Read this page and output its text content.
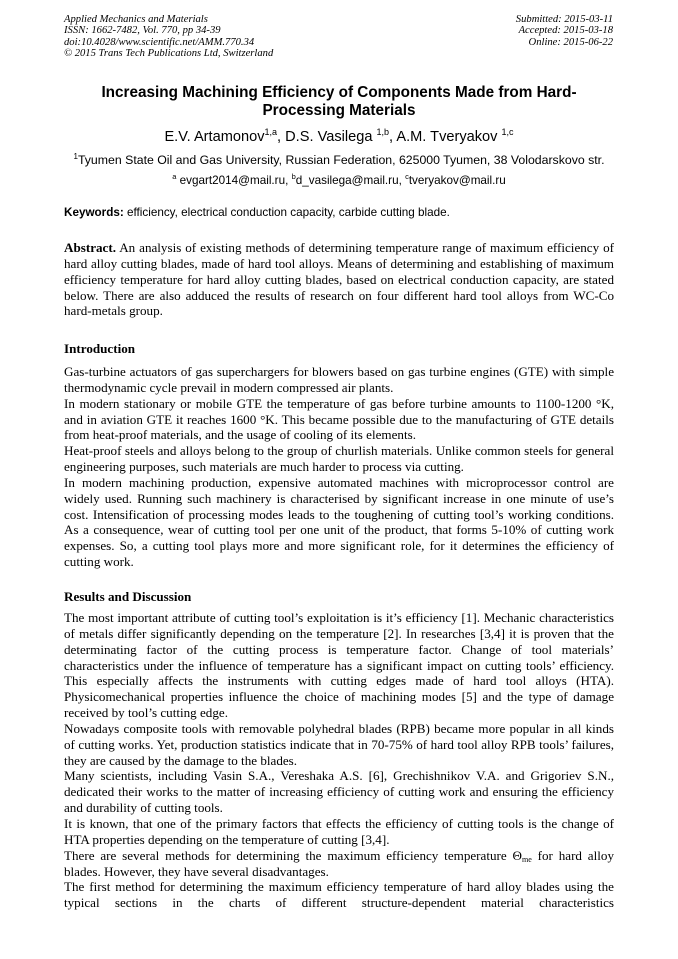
Applied Mechanics and Materials
ISSN: 1662-7482, Vol. 770, pp 34-39
doi:10.4028/www.scientific.net/AMM.770.34
© 2015 Trans Tech Publications Ltd, Switzerland
Submitted: 2015-03-11
Accepted: 2015-03-18
Online: 2015-06-22
Increasing Machining Efficiency of Components Made from Hard-
Processing Materials
E.V. Artamonov$^{1,a}$, D.S. Vasilega $^{1,b}$, A.M. Tveryakov $^{1,c}$
$^1$Tyumen State Oil and Gas University, Russian Federation, 625000 Tyumen, 38 Volodarskovo str.
$^a$ evgart2014@mail.ru, $^b$d_vasilega@mail.ru, $^c$tveryakov@mail.ru
Keywords: efficiency, electrical conduction capacity, carbide cutting blade.

Abstract. An analysis of existing methods of determining temperature range of maximum efficiency of hard alloy cutting blades, made of hard tool alloys. Means of determining and establishing of maximum efficiency temperature for hard alloy cutting blades, based on electrical conduction capacity, are stated below. There are also adduced the results of research on four different hard tool alloys from WC-Co hard-metals group.

Introduction

Gas-turbine actuators of gas superchargers for blowers based on gas turbine engines (GTE) with simple thermodynamic cycle prevail in modern compressed air plants.

In modern stationary or mobile GTE the temperature of gas before turbine amounts to 1100-1200 °K, and in aviation GTE it reaches 1600 °K. This became possible due to the manufacturing of GTE details from heat-proof materials, and the usage of cooling of its elements.

Heat-proof steels and alloys belong to the group of churlish materials. Unlike common steels for general engineering purposes, such materials are much harder to process via cutting.

In modern machining production, expensive automated machines with microprocessor control are widely used. Running such machinery is characterised by significant increase in one minute of use’s cost. Intensification of processing modes leads to the toughening of cutting tool’s working conditions. As a consequence, wear of cutting tool per one unit of the product, that forms 5-10% of cutting work expenses. So, a cutting tool plays more and more significant role, for it determines the efficiency of cutting work.

Results and Discussion

The most important attribute of cutting tool’s exploitation is it’s efficiency [1]. Mechanic characteristics of metals differ significantly depending on the temperature [2]. In researches [3,4] it is proven that the determinating factor of the cutting process is temperature factor. Change of tool materials’ characteristics under the influence of temperature has a significant impact on cutting tools’ efficiency. This especially affects the instruments with cutting edges made of hard tool alloys (HTA). Physicomechanical properties influence the choice of machining modes [5] and the type of damage received by tool’s cutting edge.

Nowadays composite tools with removable polyhedral blades (RPB) became more popular in all kinds of cutting works. Yet, production statistics indicate that in 70-75% of hard tool alloy RPB tools’ failures, they are caused by the damage to the blades.

Many scientists, including Vasin S.A., Vereshaka A.S. [6], Grechishnikov V.A. and Grigoriev S.N., dedicated their works to the matter of increasing efficiency of cutting work and ensuring the efficiency and durability of cutting tools.

It is known, that one of the primary factors that effects the efficiency of cutting tools is the change of HTA properties depending on the temperature of cutting [3,4].

There are several methods for determining the maximum efficiency temperature $\Theta_{me}$ for hard alloy blades. However, they have several disadvantages.

The first method for determining the maximum efficiency temperature of hard alloy blades using the typical sections in the charts of different structure-dependent material characteristics
